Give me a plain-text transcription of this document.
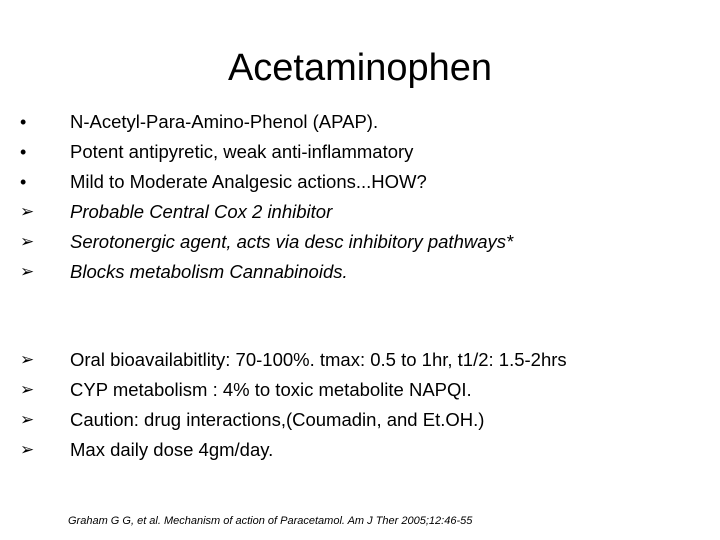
Acetaminophen
•	N-Acetyl-Para-Amino-Phenol (APAP).
•	Potent antipyretic, weak anti-inflammatory
•	Mild to Moderate Analgesic actions...HOW?
➢	Probable Central Cox 2 inhibitor
➢	Serotonergic agent, acts via desc inhibitory pathways*
➢	Blocks metabolism Cannabinoids.
➢	Oral bioavailabitlity: 70-100%. tmax: 0.5 to 1hr, t1/2: 1.5-2hrs
➢	CYP metabolism : 4% to toxic metabolite NAPQI.
➢	Caution: drug interactions,(Coumadin, and Et.OH.)
➢	Max daily dose 4gm/day.
Graham G G, et al. Mechanism of action of Paracetamol. Am J Ther 2005;12:46-55
